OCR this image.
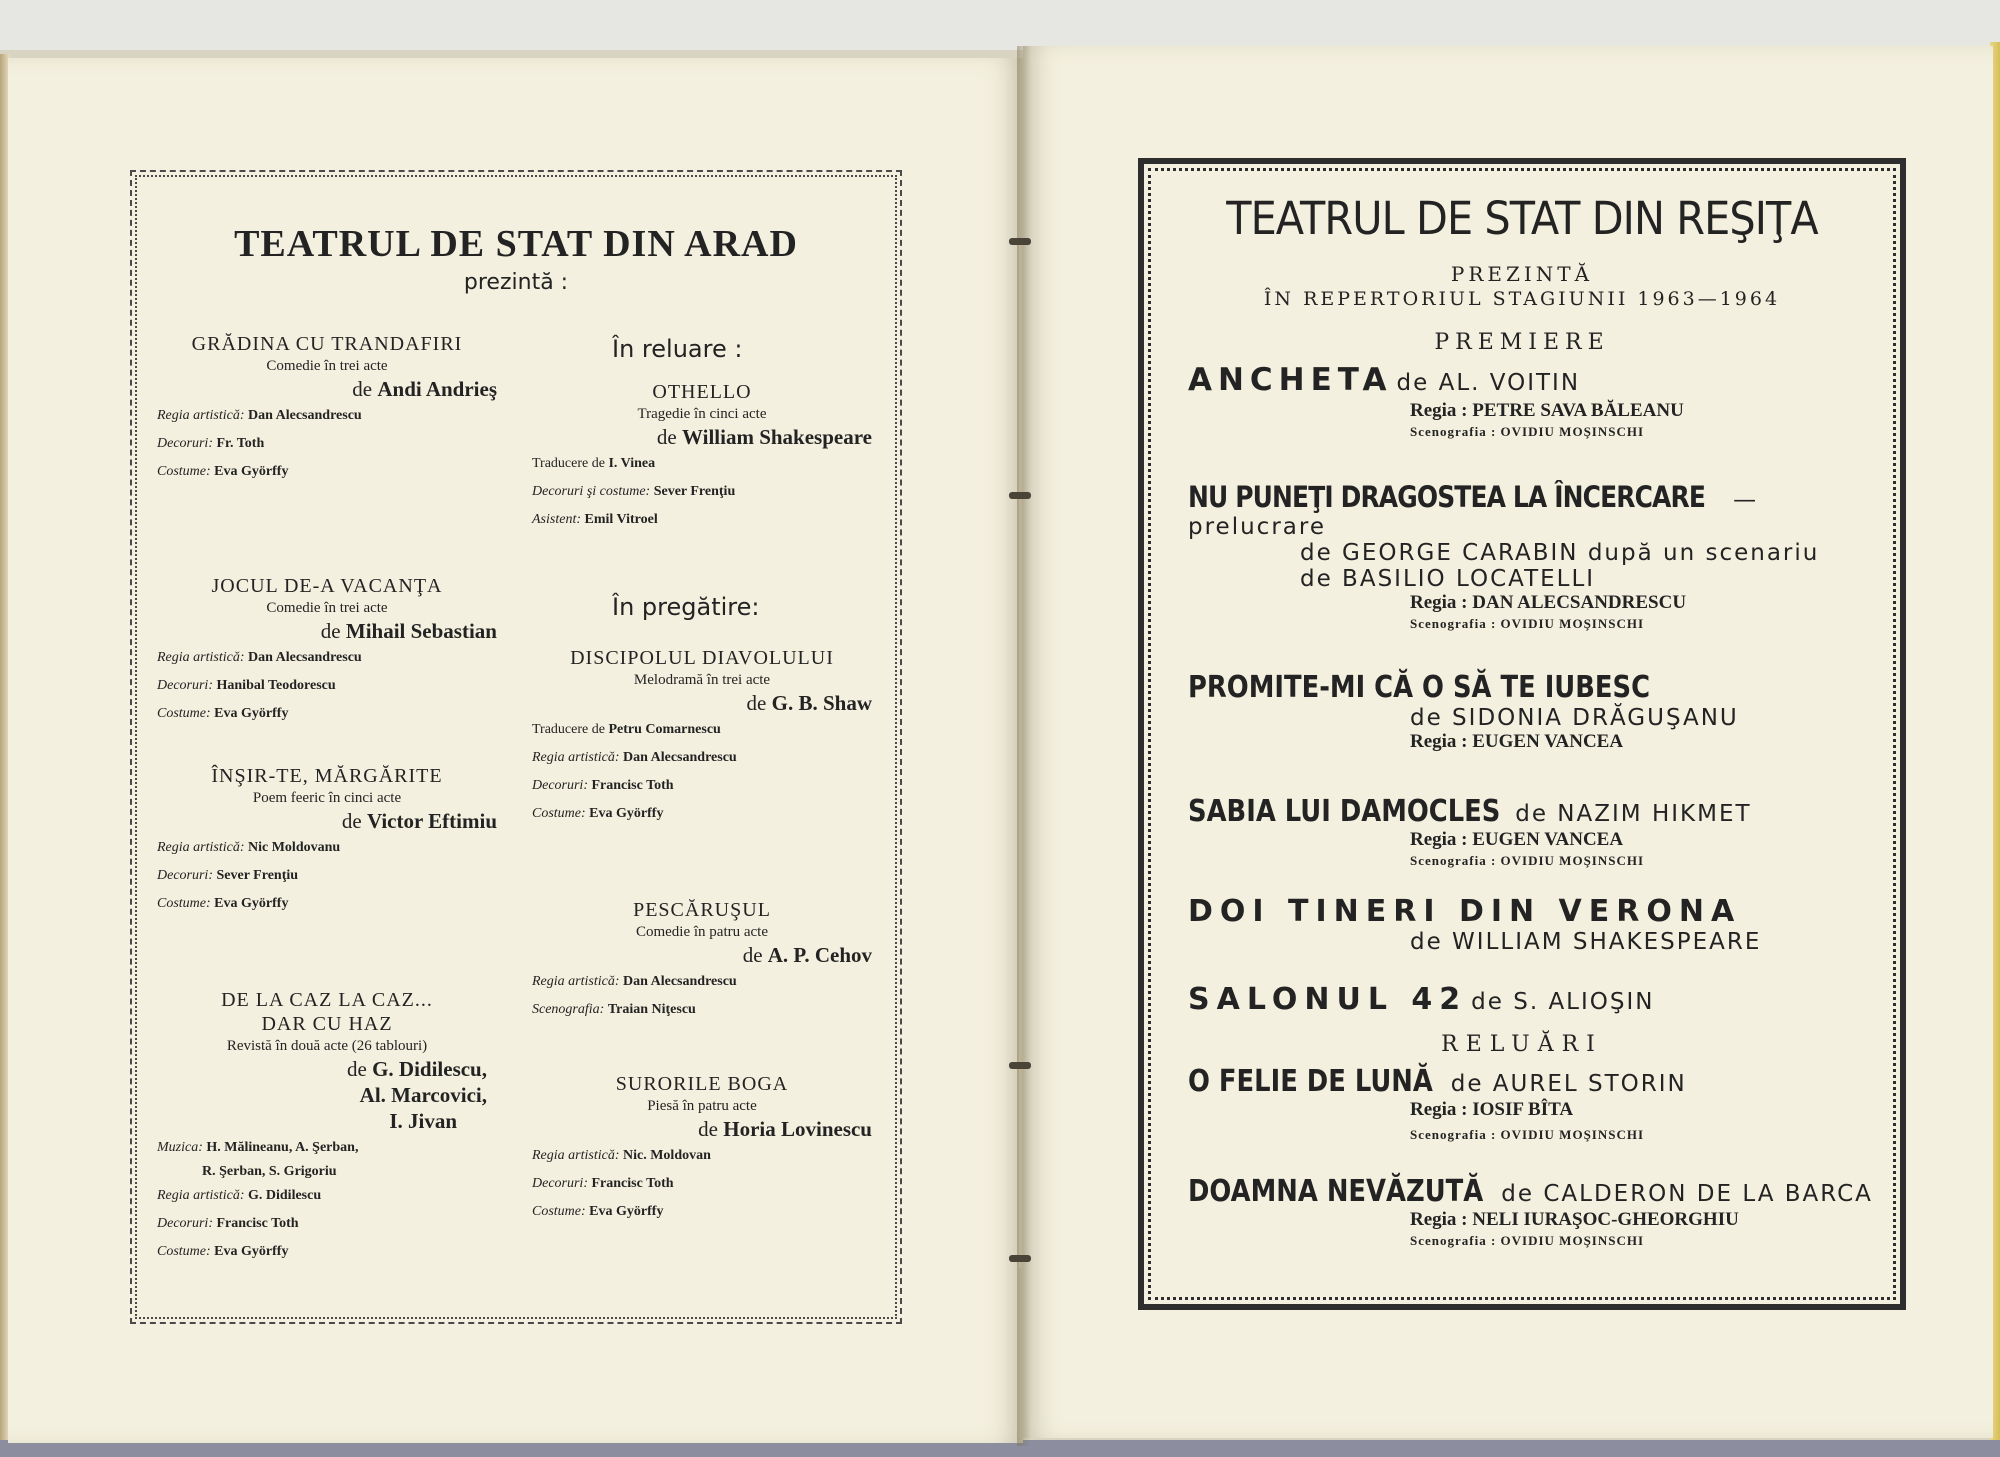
TEATRUL DE STAT DIN ARAD
prezintă :
GRĂDINA CU TRANDAFIRI
Comedie în trei acte
de Andi Andrieş
Regia artistică: Dan Alecsandrescu
Decoruri: Fr. Toth
Costume: Eva Györffy
JOCUL DE-A VACANŢA
Comedie în trei acte
de Mihail Sebastian
Regia artistică: Dan Alecsandrescu
Decoruri: Hanibal Teodorescu
Costume: Eva Györffy
ÎNŞIR-TE, MĂRGĂRITE
Poem feeric în cinci acte
de Victor Eftimiu
Regia artistică: Nic Moldovanu
Decoruri: Sever Frenţiu
Costume: Eva Györffy
DE LA CAZ LA CAZ...
DAR CU HAZ
Revistă în două acte (26 tablouri)
de G. Didilescu,
Al. Marcovici,
I. Jivan
Muzica: H. Mălineanu, A. Şerban,
R. Şerban, S. Grigoriu
Regia artistică: G. Didilescu
Decoruri: Francisc Toth
Costume: Eva Györffy
În reluare :
OTHELLO
Tragedie în cinci acte
de William Shakespeare
Traducere de I. Vinea
Decoruri şi costume: Sever Frenţiu
Asistent: Emil Vitroel
În pregătire:
DISCIPOLUL DIAVOLULUI
Melodramă în trei acte
de G. B. Shaw
Traducere de Petru Comarnescu
Regia artistică: Dan Alecsandrescu
Decoruri: Francisc Toth
Costume: Eva Györffy
PESCĂRUŞUL
Comedie în patru acte
de A. P. Cehov
Regia artistică: Dan Alecsandrescu
Scenografia: Traian Niţescu
SURORILE BOGA
Piesă în patru acte
de Horia Lovinescu
Regia artistică: Nic. Moldovan
Decoruri: Francisc Toth
Costume: Eva Györffy
TEATRUL DE STAT DIN REŞIŢA
PREZINTĂ
ÎN REPERTORIUL STAGIUNII 1963—1964
PREMIERE
ANCHETA de AL. VOITIN
Regia : PETRE SAVA BĂLEANU
Scenografia : OVIDIU MOŞINSCHI
NU PUNEŢI DRAGOSTEA LA ÎNCERCARE — prelucrare
de GEORGE CARABIN după un scenariu
de BASILIO LOCATELLI
Regia : DAN ALECSANDRESCU
Scenografia : OVIDIU MOŞINSCHI
PROMITE-MI CĂ O SĂ TE IUBESC
de SIDONIA DRĂGUŞANU
Regia : EUGEN VANCEA
SABIA LUI DAMOCLES de NAZIM HIKMET
Regia : EUGEN VANCEA
Scenografia : OVIDIU MOŞINSCHI
DOI TINERI DIN VERONA
de WILLIAM SHAKESPEARE
SALONUL 42 de S. ALIOŞIN
RELUĂRI
O FELIE DE LUNĂ de AUREL STORIN
Regia : IOSIF BÎTA
Scenografia : OVIDIU MOŞINSCHI
DOAMNA NEVĂZUTĂ de CALDERON DE LA BARCA
Regia : NELI IURAŞOC-GHEORGHIU
Scenografia : OVIDIU MOŞINSCHI
